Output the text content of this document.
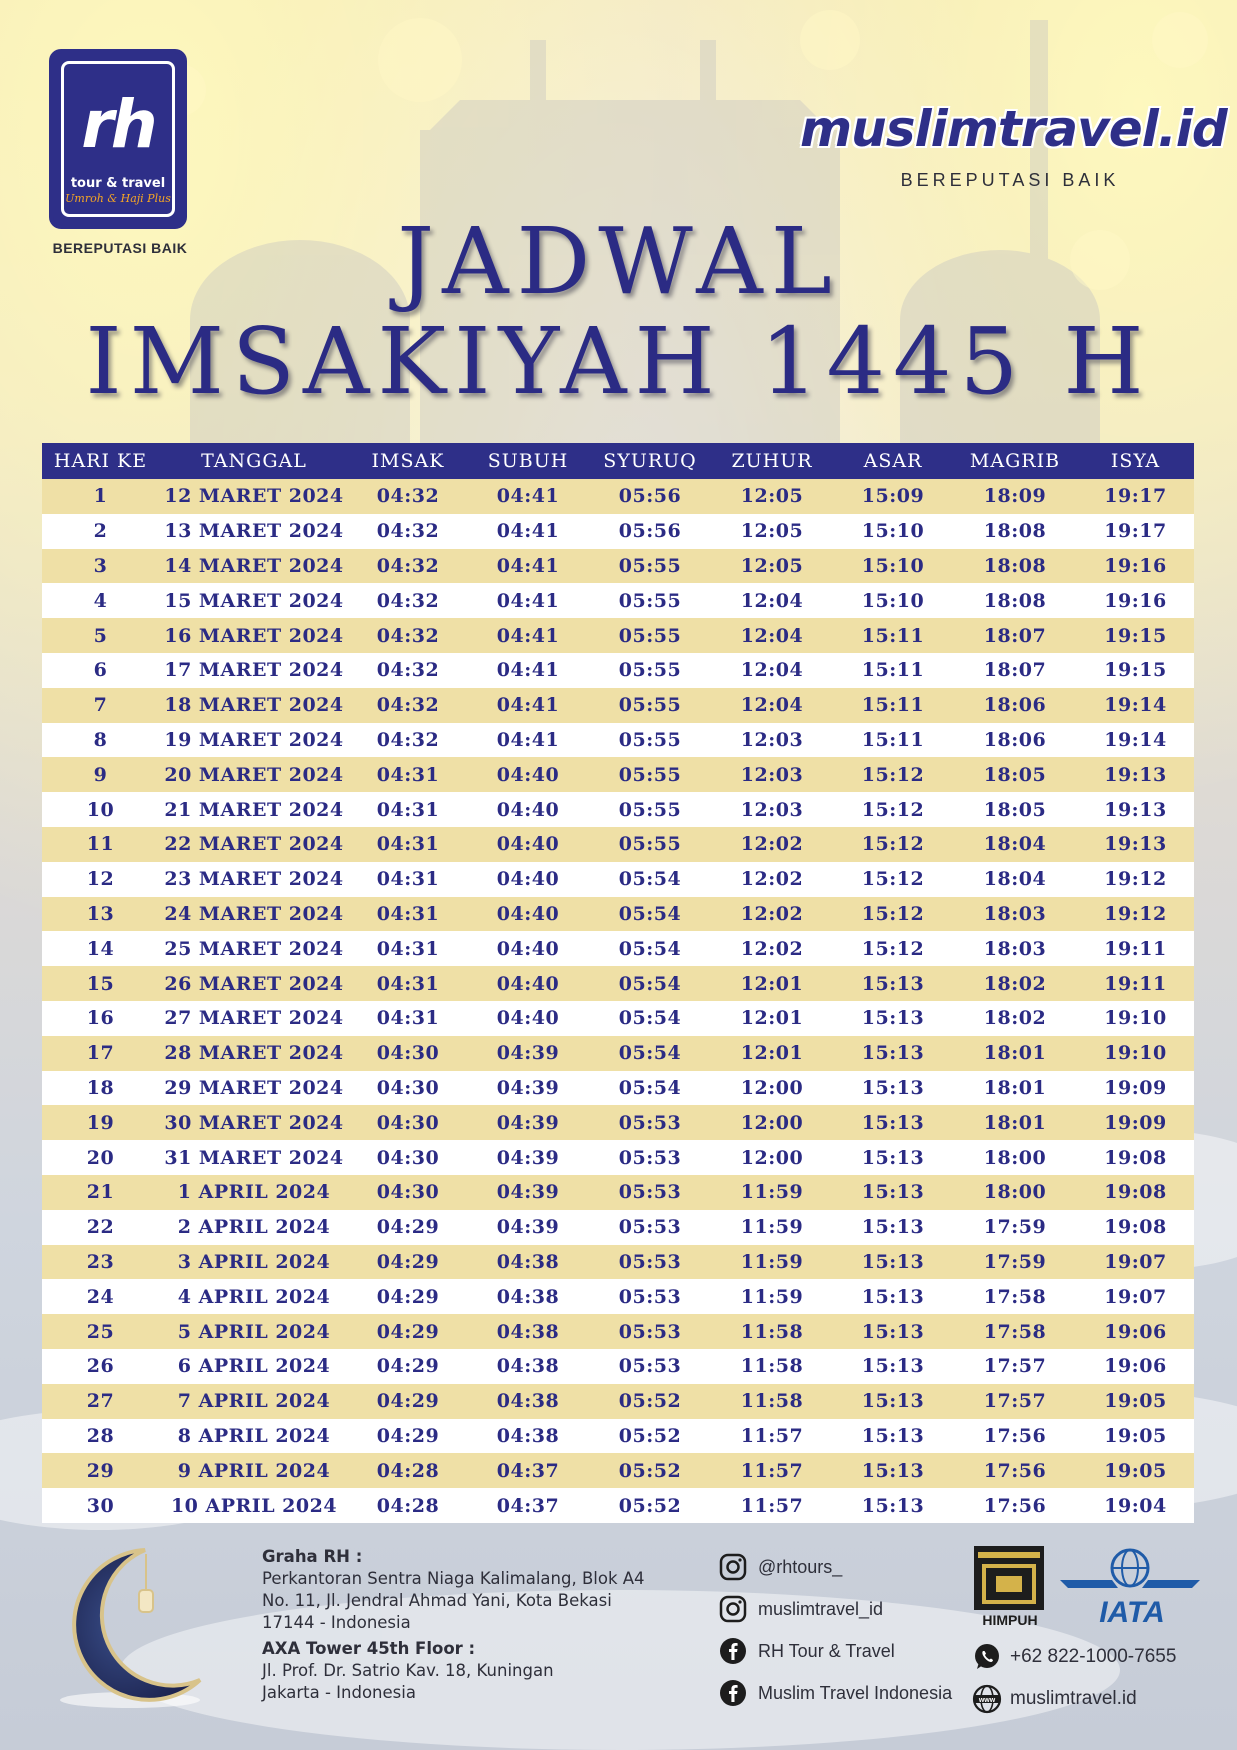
rh
tour & travel
Umroh & Haji Plus
BEREPUTASI BAIK
muslimtravel.id
BEREPUTASI BAIK
JADWAL
IMSAKIYAH 1445 H
HARI KE	TANGGAL	IMSAK	SUBUH	SYURUQ	ZUHUR	ASAR	MAGRIB	ISYA
1	12 MARET 2024	04:32	04:41	05:56	12:05	15:09	18:09	19:17
2	13 MARET 2024	04:32	04:41	05:56	12:05	15:10	18:08	19:17
3	14 MARET 2024	04:32	04:41	05:55	12:05	15:10	18:08	19:16
4	15 MARET 2024	04:32	04:41	05:55	12:04	15:10	18:08	19:16
5	16 MARET 2024	04:32	04:41	05:55	12:04	15:11	18:07	19:15
6	17 MARET 2024	04:32	04:41	05:55	12:04	15:11	18:07	19:15
7	18 MARET 2024	04:32	04:41	05:55	12:04	15:11	18:06	19:14
8	19 MARET 2024	04:32	04:41	05:55	12:03	15:11	18:06	19:14
9	20 MARET 2024	04:31	04:40	05:55	12:03	15:12	18:05	19:13
10	21 MARET 2024	04:31	04:40	05:55	12:03	15:12	18:05	19:13
11	22 MARET 2024	04:31	04:40	05:55	12:02	15:12	18:04	19:13
12	23 MARET 2024	04:31	04:40	05:54	12:02	15:12	18:04	19:12
13	24 MARET 2024	04:31	04:40	05:54	12:02	15:12	18:03	19:12
14	25 MARET 2024	04:31	04:40	05:54	12:02	15:12	18:03	19:11
15	26 MARET 2024	04:31	04:40	05:54	12:01	15:13	18:02	19:11
16	27 MARET 2024	04:31	04:40	05:54	12:01	15:13	18:02	19:10
17	28 MARET 2024	04:30	04:39	05:54	12:01	15:13	18:01	19:10
18	29 MARET 2024	04:30	04:39	05:54	12:00	15:13	18:01	19:09
19	30 MARET 2024	04:30	04:39	05:53	12:00	15:13	18:01	19:09
20	31 MARET 2024	04:30	04:39	05:53	12:00	15:13	18:00	19:08
21	1 APRIL 2024	04:30	04:39	05:53	11:59	15:13	18:00	19:08
22	2 APRIL 2024	04:29	04:39	05:53	11:59	15:13	17:59	19:08
23	3 APRIL 2024	04:29	04:38	05:53	11:59	15:13	17:59	19:07
24	4 APRIL 2024	04:29	04:38	05:53	11:59	15:13	17:58	19:07
25	5 APRIL 2024	04:29	04:38	05:53	11:58	15:13	17:58	19:06
26	6 APRIL 2024	04:29	04:38	05:53	11:58	15:13	17:57	19:06
27	7 APRIL 2024	04:29	04:38	05:52	11:58	15:13	17:57	19:05
28	8 APRIL 2024	04:29	04:38	05:52	11:57	15:13	17:56	19:05
29	9 APRIL 2024	04:28	04:37	05:52	11:57	15:13	17:56	19:05
30	10 APRIL 2024	04:28	04:37	05:52	11:57	15:13	17:56	19:04
Graha RH :
Perkantoran Sentra Niaga Kalimalang, Blok A4
No. 11, Jl. Jendral Ahmad Yani, Kota Bekasi
17144 - Indonesia
AXA Tower 45th Floor :
Jl. Prof. Dr. Satrio Kav. 18, Kuningan
Jakarta - Indonesia
@rhtours_
muslimtravel_id
RH Tour & Travel
Muslim Travel Indonesia
HIMPUH	IATA
+62 822-1000-7655
www muslimtravel.id
